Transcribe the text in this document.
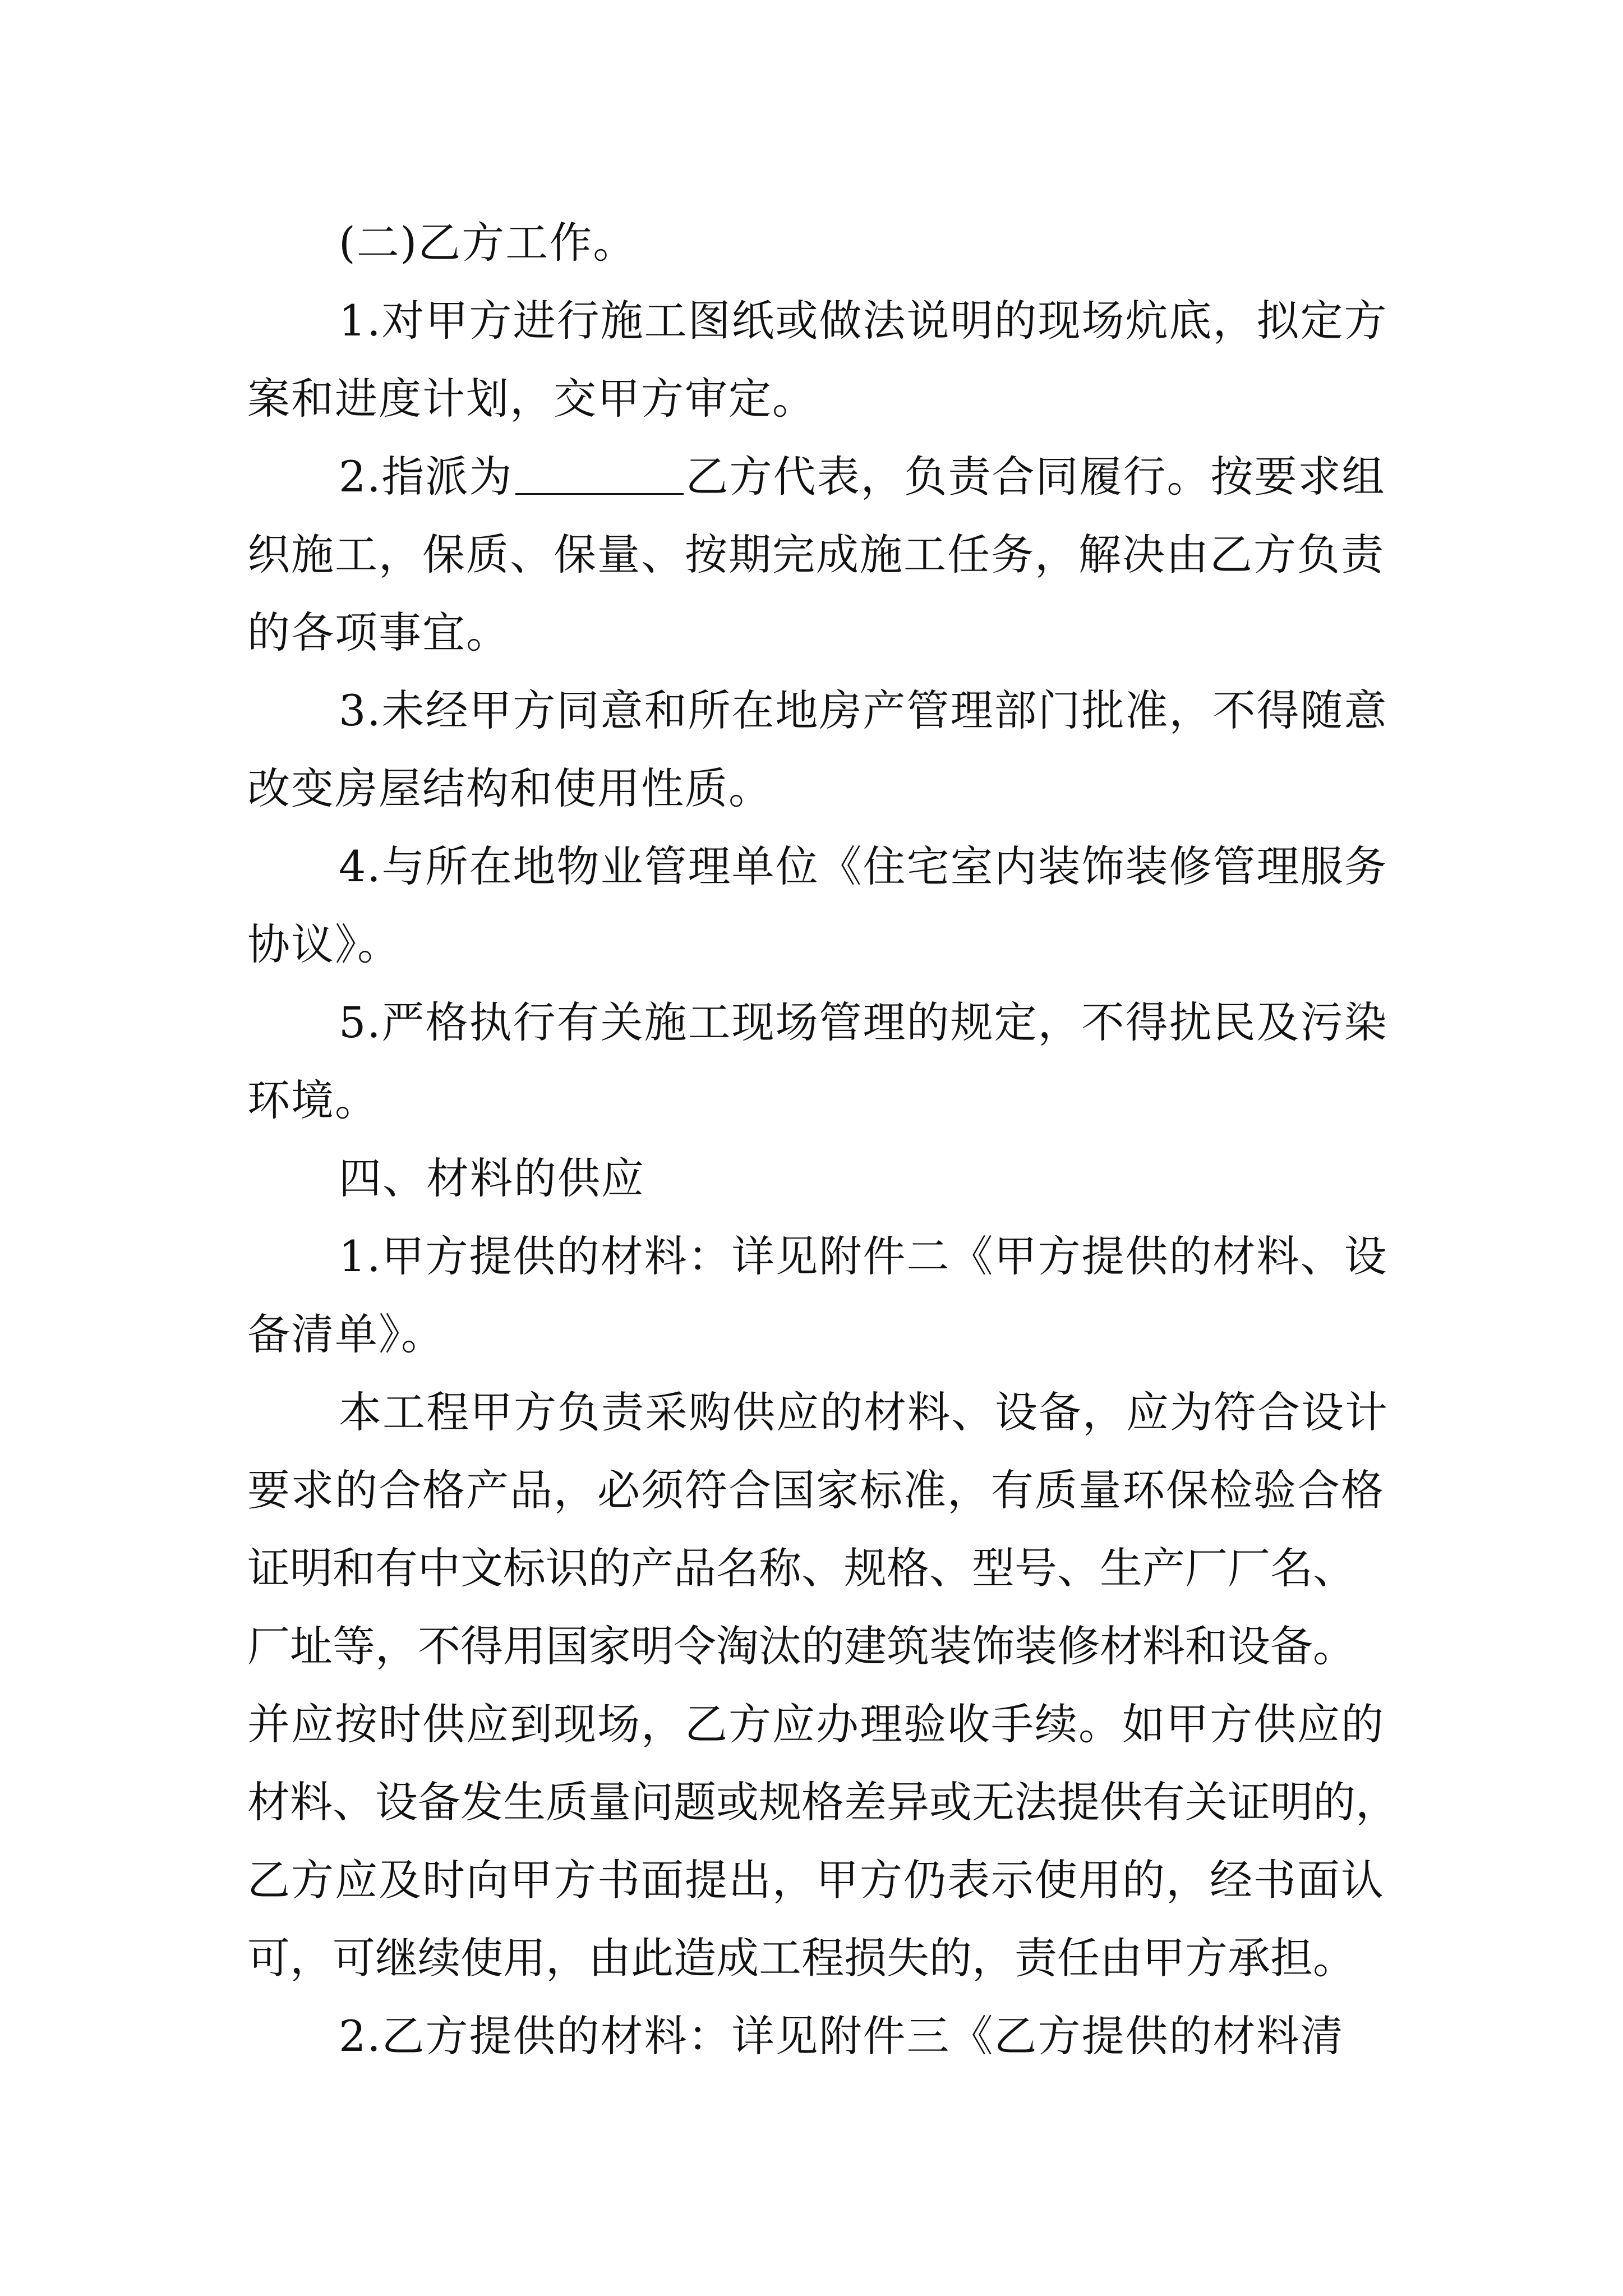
(二)乙方工作。
1.对甲方进行施工图纸或做法说明的现场炕底，拟定方
案和进度计划，交甲方审定。
2.指派为	乙方代表，负责合同履行。按要求组
织施工，保质、保量、按期完成施工任务，解决由乙方负责
的各项事宜。
3.未经甲方同意和所在地房产管理部门批准，不得随意
改变房屋结构和使用性质。
4.与所在地物业管理单位《住宅室内装饰装修管理服务
协议》。
5.严格执行有关施工现场管理的规定，不得扰民及污染
环境。
四、材料的供应
1.甲方提供的材料：详见附件二《甲方提供的材料、设
备清单》。
本工程甲方负责采购供应的材料、设备，应为符合设计
要求的合格产品，必须符合国家标准，有质量环保检验合格
证明和有中文标识的产品名称、规格、型号、生产厂厂名、
厂址等，不得用国家明令淘汰的建筑装饰装修材料和设备。
并应按时供应到现场，乙方应办理验收手续。如甲方供应的
材料、设备发生质量问题或规格差异或无法提供有关证明的，
乙方应及时向甲方书面提出，甲方仍表示使用的，经书面认
可，可继续使用，由此造成工程损失的，责任由甲方承担。
2.乙方提供的材料：详见附件三《乙方提供的材料清
